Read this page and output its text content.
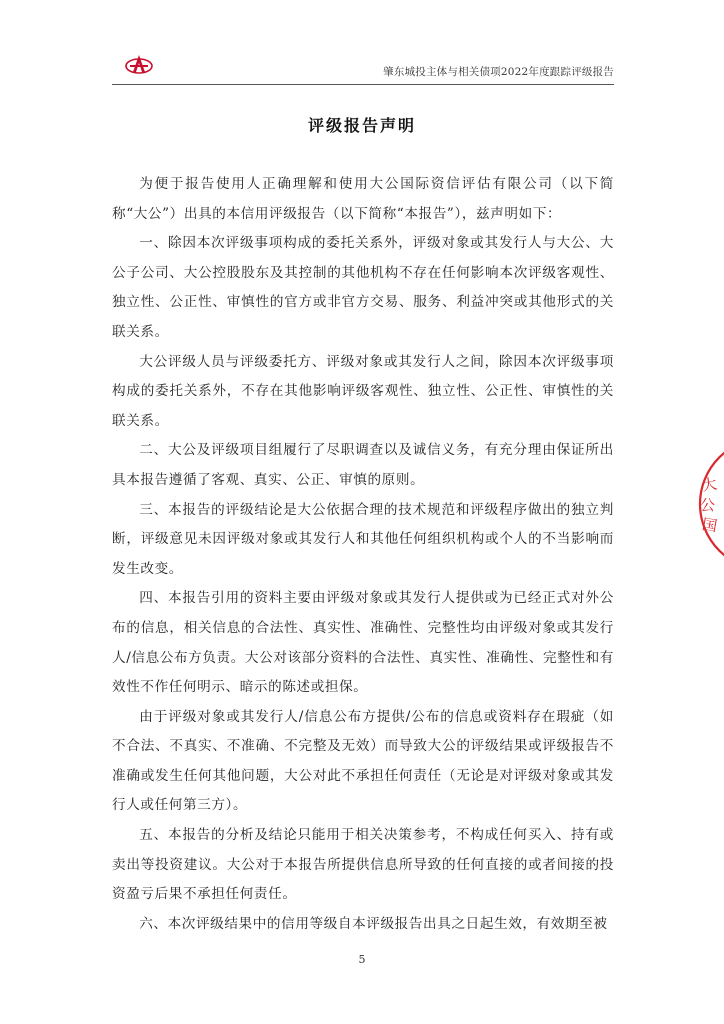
肇东城投主体与相关债项2022年度跟踪评级报告
评级报告声明

为便于报告使用人正确理解和使用大公国际资信评估有限公司（以下简称“大公”）出具的本信用评级报告（以下简称“本报告”），兹声明如下：

一、除因本次评级事项构成的委托关系外，评级对象或其发行人与大公、大公子公司、大公控股股东及其控制的其他机构不存在任何影响本次评级客观性、独立性、公正性、审慎性的官方或非官方交易、服务、利益冲突或其他形式的关联关系。

大公评级人员与评级委托方、评级对象或其发行人之间，除因本次评级事项构成的委托关系外，不存在其他影响评级客观性、独立性、公正性、审慎性的关联关系。

二、大公及评级项目组履行了尽职调查以及诚信义务，有充分理由保证所出具本报告遵循了客观、真实、公正、审慎的原则。

三、本报告的评级结论是大公依据合理的技术规范和评级程序做出的独立判断，评级意见未因评级对象或其发行人和其他任何组织机构或个人的不当影响而发生改变。

四、本报告引用的资料主要由评级对象或其发行人提供或为已经正式对外公布的信息，相关信息的合法性、真实性、准确性、完整性均由评级对象或其发行人/信息公布方负责。大公对该部分资料的合法性、真实性、准确性、完整性和有效性不作任何明示、暗示的陈述或担保。

由于评级对象或其发行人/信息公布方提供/公布的信息或资料存在瑕疵（如不合法、不真实、不准确、不完整及无效）而导致大公的评级结果或评级报告不准确或发生任何其他问题，大公对此不承担任何责任（无论是对评级对象或其发行人或任何第三方）。

五、本报告的分析及结论只能用于相关决策参考，不构成任何买入、持有或卖出等投资建议。大公对于本报告所提供信息所导致的任何直接的或者间接的投资盈亏后果不承担任何责任。

六、本次评级结果中的信用等级自本评级报告出具之日起生效，有效期至被

大
公
国
5
